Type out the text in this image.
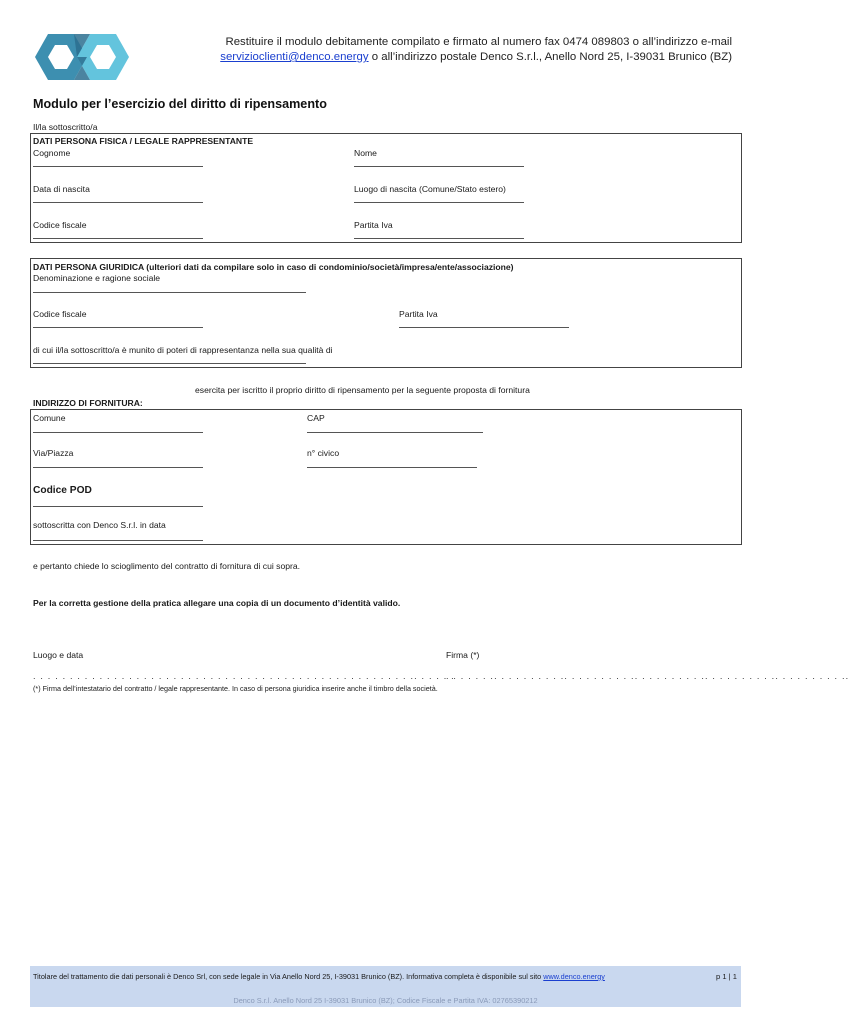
Restituire il modulo debitamente compilato e firmato al numero fax 0474 089803 o all’indirizzo e-mail
servizioclienti@denco.energy o all’indirizzo postale Denco S.r.l., Anello Nord 25, I-39031 Brunico (BZ)
Modulo per l’esercizio del diritto di ripensamento
Il/la sottoscritto/a
DATI PERSONA FISICA / LEGALE RAPPRESENTANTE
Cognome	Nome
Data di nascita	Luogo di nascita (Comune/Stato estero)
Codice fiscale	Partita Iva
DATI PERSONA GIURIDICA (ulteriori dati da compilare solo in caso di condominio/società/impresa/ente/associazione)
Denominazione e ragione sociale
Codice fiscale	Partita Iva
di cui il/la sottoscritto/a è munito di poteri di rappresentanza nella sua qualità di
esercita per iscritto il proprio diritto di ripensamento per la seguente proposta di fornitura
INDIRIZZO DI FORNITURA:
Comune	CAP
Via/Piazza	n° civico
Codice POD
sottoscritta con Denco S.r.l. in data
e pertanto chiede lo scioglimento del contratto di fornitura di cui sopra.
Per la corretta gestione della pratica allegare una copia di un documento d’identità valido.
Luogo e data	Firma (*)
. . . . . . . . . . . . . . . . . . . . . . . . . . . . . . . . . . . . . . . . . . . . . . . . . . . .. . . . . .
. . . . . . .. . . . . . . . . .. . . . . . . . . .. . . . . . . . . .. . . . . . . . . .. . . . . . . . . ..
(*) Firma dell’intestatario del contratto / legale rappresentante. In caso di persona giuridica inserire anche il timbro della società.
Titolare del trattamento die dati personali è Denco Srl, con sede legale in Via Anello Nord 25, I-39031 Brunico (BZ). Informativa completa è disponibile sul sito www.denco.energy	p 1 | 1
Denco S.r.l. Anello Nord 25 I-39031 Brunico (BZ); Codice Fiscale e Partita IVA: 02765390212
